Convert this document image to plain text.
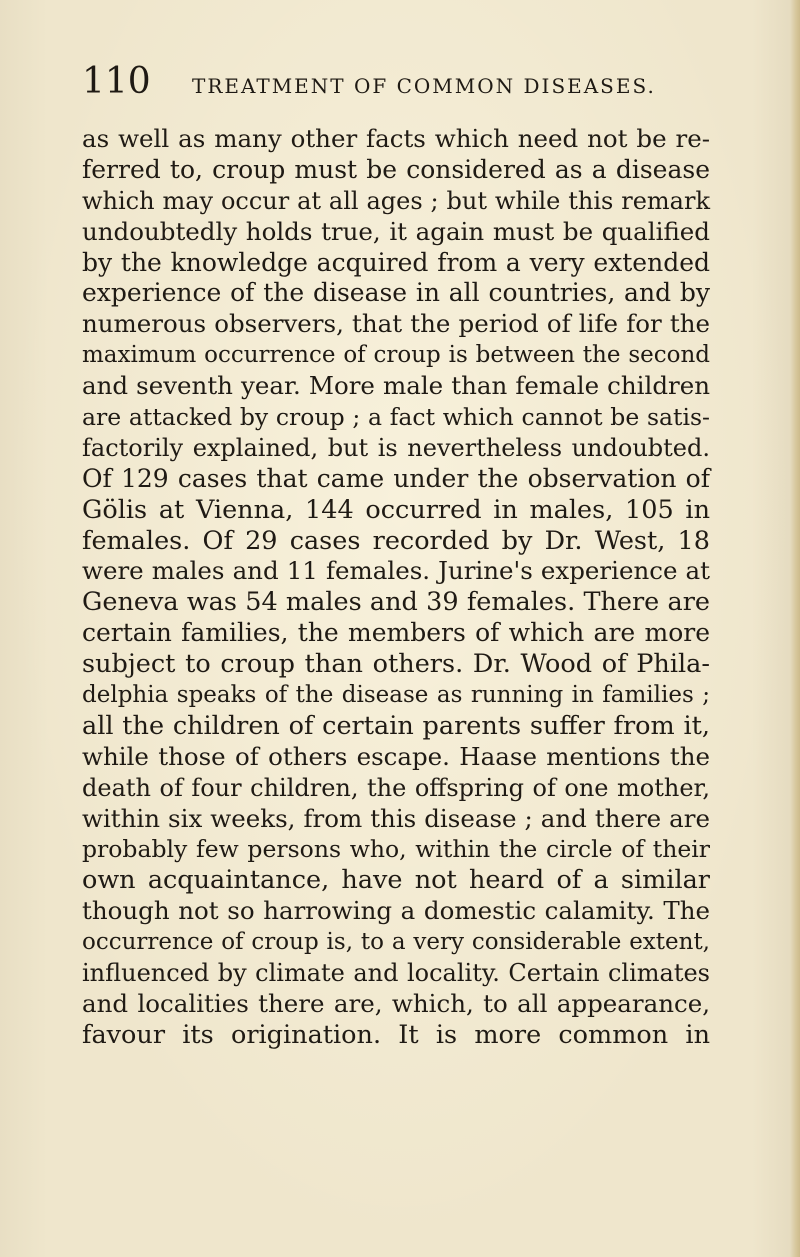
110 TREATMENT OF COMMON DISEASES.
as well as many other facts which need not be re-
ferred to, croup must be considered as a disease
which may occur at all ages ; but while this remark
undoubtedly holds true, it again must be qualified
by the knowledge acquired from a very extended
experience of the disease in all countries, and by
numerous observers, that the period of life for the
maximum occurrence of croup is between the second
and seventh year. More male than female children
are attacked by croup ; a fact which cannot be satis-
factorily explained, but is nevertheless undoubted.
Of 129 cases that came under the observation of
Gölis at Vienna, 144 occurred in males, 105 in
females. Of 29 cases recorded by Dr. West, 18
were males and 11 females. Jurine's experience at
Geneva was 54 males and 39 females. There are
certain families, the members of which are more
subject to croup than others. Dr. Wood of Phila-
delphia speaks of the disease as running in families ;
all the children of certain parents suffer from it,
while those of others escape. Haase mentions the
death of four children, the offspring of one mother,
within six weeks, from this disease ; and there are
probably few persons who, within the circle of their
own acquaintance, have not heard of a similar
though not so harrowing a domestic calamity. The
occurrence of croup is, to a very considerable extent,
influenced by climate and locality. Certain climates
and localities there are, which, to all appearance,
favour its origination. It is more common in
